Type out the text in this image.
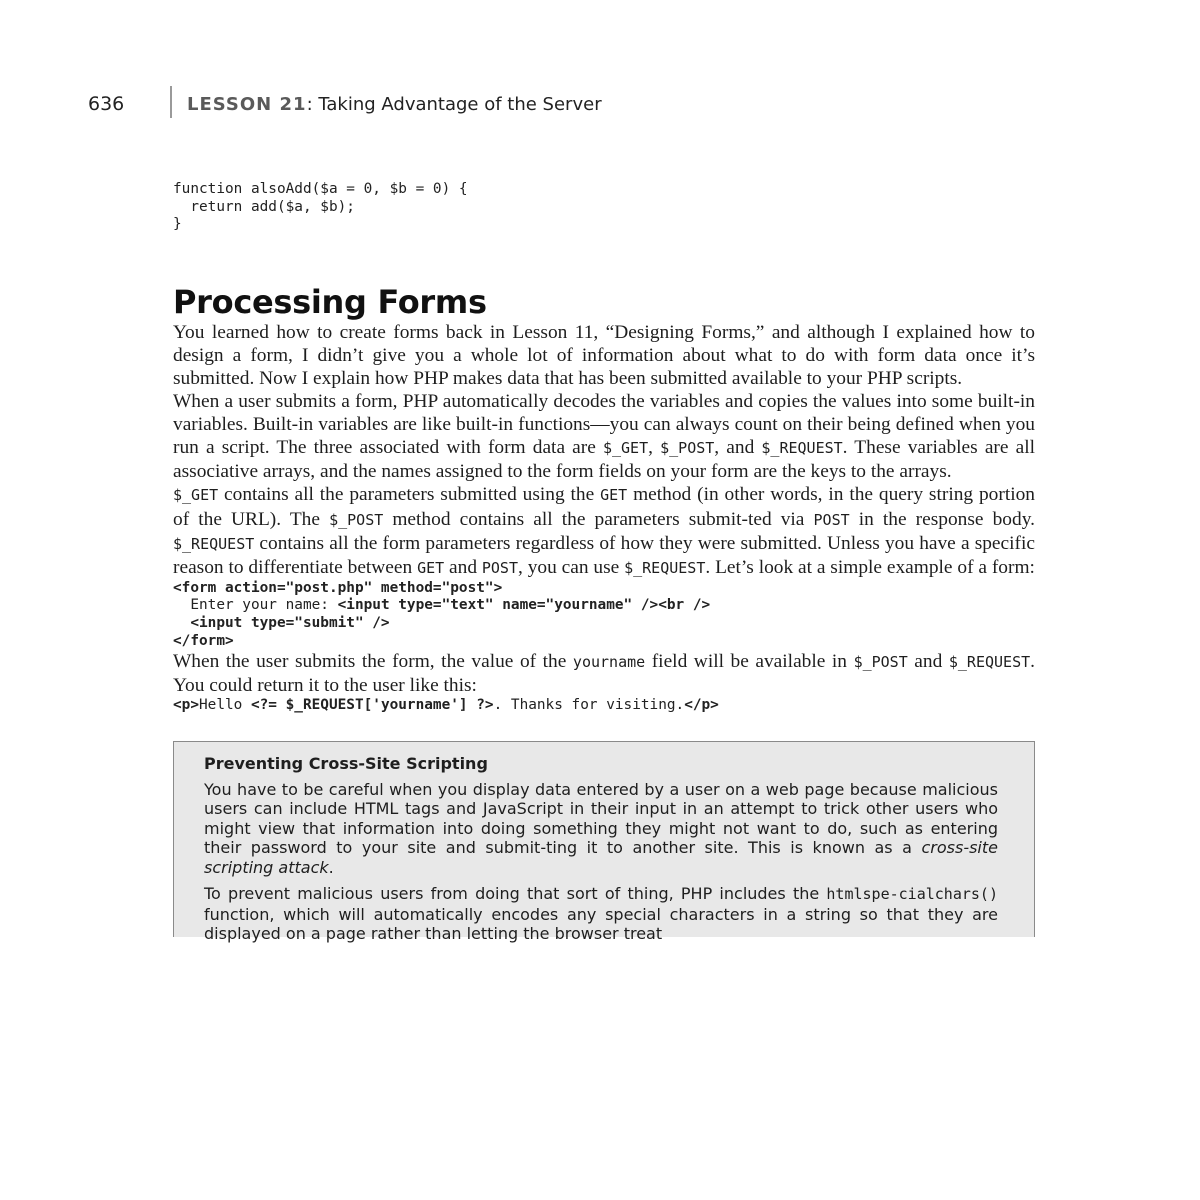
636	LESSON 21: Taking Advantage of the Server
function alsoAdd($a = 0, $b = 0) {
return add($a, $b);
}
Processing Forms

You learned how to create forms back in Lesson 11, “Designing Forms,” and although I explained how to design a form, I didn’t give you a whole lot of information about what to do with form data once it’s submitted. Now I explain how PHP makes data that has been submitted available to your PHP scripts.

When a user submits a form, PHP automatically decodes the variables and copies the values into some built-in variables. Built-in variables are like built-in functions—you can always count on their being defined when you run a script. The three associated with form data are $_GET, $_POST, and $_REQUEST. These variables are all associative arrays, and the names assigned to the form fields on your form are the keys to the arrays.

$_GET contains all the parameters submitted using the GET method (in other words, in the query string portion of the URL). The $_POST method contains all the parameters submit-ted via POST in the response body. $_REQUEST contains all the form parameters regardless of how they were submitted. Unless you have a specific reason to differentiate between GET and POST, you can use $_REQUEST. Let’s look at a simple example of a form:

<form action="post.php" method="post">
Enter your name: <input type="text" name="yourname" /><br />
<input type="submit" />
</form>

When the user submits the form, the value of the yourname field will be available in $_POST and $_REQUEST. You could return it to the user like this:

<p>Hello <?= $_REQUEST['yourname'] ?>. Thanks for visiting.</p>
Preventing Cross-Site Scripting

You have to be careful when you display data entered by a user on a web page because malicious users can include HTML tags and JavaScript in their input in an attempt to trick other users who might view that information into doing something they might not want to do, such as entering their password to your site and submit-ting it to another site. This is known as a cross-site scripting attack.

To prevent malicious users from doing that sort of thing, PHP includes the htmlspe-cialchars() function, which will automatically encodes any special characters in a string so that they are displayed on a page rather than letting the browser treat
